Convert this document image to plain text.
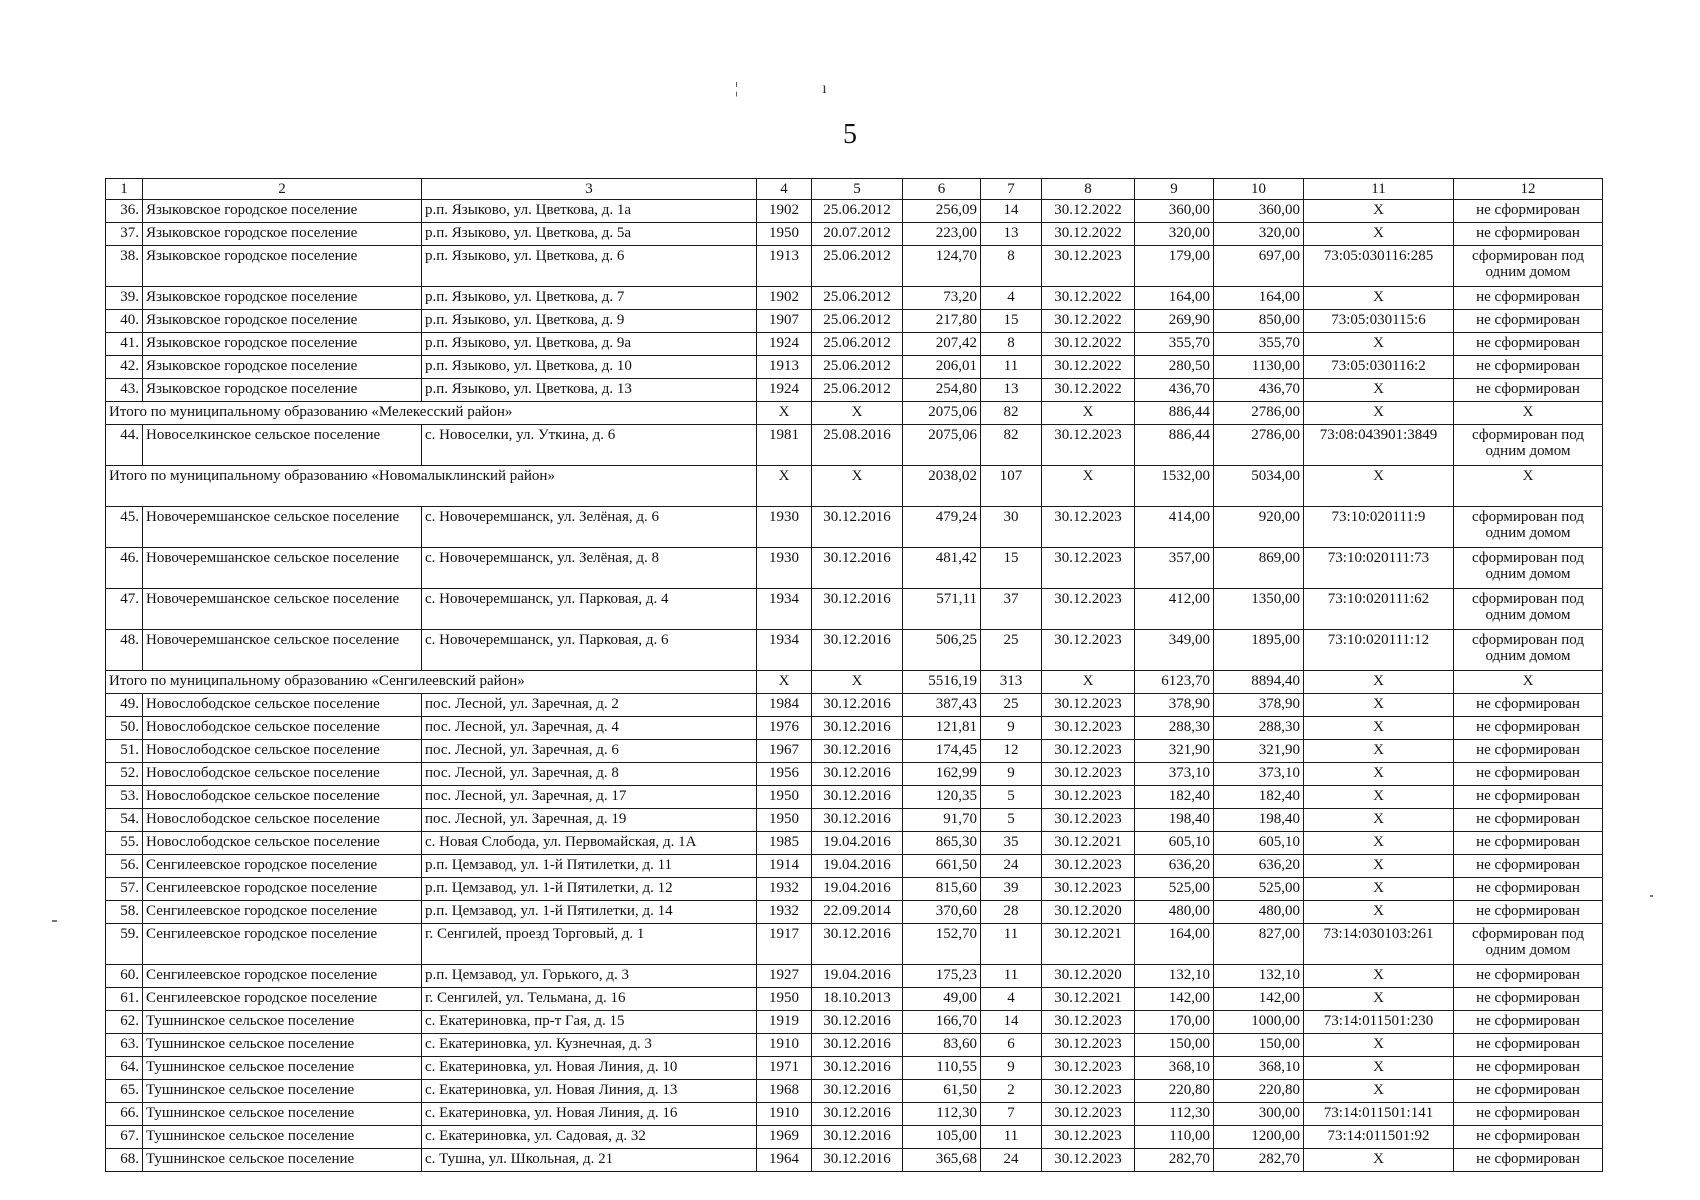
¦ ı
5
1	2	3	4	5	6	7	8	9	10	11	12
36.	Языковское городское поселение	р.п. Языково, ул. Цветкова, д. 1а	1902	25.06.2012	256,09	14	30.12.2022	360,00	360,00	Х	не сформирован
37.	Языковское городское поселение	р.п. Языково, ул. Цветкова, д. 5а	1950	20.07.2012	223,00	13	30.12.2022	320,00	320,00	Х	не сформирован
38.	Языковское городское поселение	р.п. Языково, ул. Цветкова, д. 6	1913	25.06.2012	124,70	8	30.12.2023	179,00	697,00	73:05:030116:285	сформирован под одним домом
39.	Языковское городское поселение	р.п. Языково, ул. Цветкова, д. 7	1902	25.06.2012	73,20	4	30.12.2022	164,00	164,00	Х	не сформирован
40.	Языковское городское поселение	р.п. Языково, ул. Цветкова, д. 9	1907	25.06.2012	217,80	15	30.12.2022	269,90	850,00	73:05:030115:6	не сформирован
41.	Языковское городское поселение	р.п. Языково, ул. Цветкова, д. 9а	1924	25.06.2012	207,42	8	30.12.2022	355,70	355,70	Х	не сформирован
42.	Языковское городское поселение	р.п. Языково, ул. Цветкова, д. 10	1913	25.06.2012	206,01	11	30.12.2022	280,50	1130,00	73:05:030116:2	не сформирован
43.	Языковское городское поселение	р.п. Языково, ул. Цветкова, д. 13	1924	25.06.2012	254,80	13	30.12.2022	436,70	436,70	Х	не сформирован
Итого по муниципальному образованию «Мелекесский район»			Х	Х	2075,06	82	Х	886,44	2786,00	Х	Х
44.	Новоселкинское сельское поселение	с. Новоселки, ул. Уткина, д. 6	1981	25.08.2016	2075,06	82	30.12.2023	886,44	2786,00	73:08:043901:3849	сформирован под одним домом
Итого по муниципальному образованию «Новомалыклинский район»			Х	Х	2038,02	107	Х	1532,00	5034,00	Х	Х
45.	Новочеремшанское сельское поселение	с. Новочеремшанск, ул. Зелёная, д. 6	1930	30.12.2016	479,24	30	30.12.2023	414,00	920,00	73:10:020111:9	сформирован под одним домом
46.	Новочеремшанское сельское поселение	с. Новочеремшанск, ул. Зелёная, д. 8	1930	30.12.2016	481,42	15	30.12.2023	357,00	869,00	73:10:020111:73	сформирован под одним домом
47.	Новочеремшанское сельское поселение	с. Новочеремшанск, ул. Парковая, д. 4	1934	30.12.2016	571,11	37	30.12.2023	412,00	1350,00	73:10:020111:62	сформирован под одним домом
48.	Новочеремшанское сельское поселение	с. Новочеремшанск, ул. Парковая, д. 6	1934	30.12.2016	506,25	25	30.12.2023	349,00	1895,00	73:10:020111:12	сформирован под одним домом
Итого по муниципальному образованию «Сенгилеевский район»			Х	Х	5516,19	313	Х	6123,70	8894,40	Х	Х
49.	Новослободское сельское поселение	пос. Лесной, ул. Заречная, д. 2	1984	30.12.2016	387,43	25	30.12.2023	378,90	378,90	Х	не сформирован
50.	Новослободское сельское поселение	пос. Лесной, ул. Заречная, д. 4	1976	30.12.2016	121,81	9	30.12.2023	288,30	288,30	Х	не сформирован
51.	Новослободское сельское поселение	пос. Лесной, ул. Заречная, д. 6	1967	30.12.2016	174,45	12	30.12.2023	321,90	321,90	Х	не сформирован
52.	Новослободское сельское поселение	пос. Лесной, ул. Заречная, д. 8	1956	30.12.2016	162,99	9	30.12.2023	373,10	373,10	Х	не сформирован
53.	Новослободское сельское поселение	пос. Лесной, ул. Заречная, д. 17	1950	30.12.2016	120,35	5	30.12.2023	182,40	182,40	Х	не сформирован
54.	Новослободское сельское поселение	пос. Лесной, ул. Заречная, д. 19	1950	30.12.2016	91,70	5	30.12.2023	198,40	198,40	Х	не сформирован
55.	Новослободское сельское поселение	с. Новая Слобода, ул. Первомайская, д. 1А	1985	19.04.2016	865,30	35	30.12.2021	605,10	605,10	Х	не сформирован
56.	Сенгилеевское городское поселение	р.п. Цемзавод, ул. 1-й Пятилетки, д. 11	1914	19.04.2016	661,50	24	30.12.2023	636,20	636,20	Х	не сформирован
57.	Сенгилеевское городское поселение	р.п. Цемзавод, ул. 1-й Пятилетки, д. 12	1932	19.04.2016	815,60	39	30.12.2023	525,00	525,00	Х	не сформирован
58.	Сенгилеевское городское поселение	р.п. Цемзавод, ул. 1-й Пятилетки, д. 14	1932	22.09.2014	370,60	28	30.12.2020	480,00	480,00	Х	не сформирован
59.	Сенгилеевское городское поселение	г. Сенгилей, проезд Торговый, д. 1	1917	30.12.2016	152,70	11	30.12.2021	164,00	827,00	73:14:030103:261	сформирован под одним домом
60.	Сенгилеевское городское поселение	р.п. Цемзавод, ул. Горького, д. 3	1927	19.04.2016	175,23	11	30.12.2020	132,10	132,10	Х	не сформирован
61.	Сенгилеевское городское поселение	г. Сенгилей, ул. Тельмана, д. 16	1950	18.10.2013	49,00	4	30.12.2021	142,00	142,00	Х	не сформирован
62.	Тушнинское сельское поселение	с. Екатериновка, пр-т Гая, д. 15	1919	30.12.2016	166,70	14	30.12.2023	170,00	1000,00	73:14:011501:230	не сформирован
63.	Тушнинское сельское поселение	с. Екатериновка, ул. Кузнечная, д. 3	1910	30.12.2016	83,60	6	30.12.2023	150,00	150,00	Х	не сформирован
64.	Тушнинское сельское поселение	с. Екатериновка, ул. Новая Линия, д. 10	1971	30.12.2016	110,55	9	30.12.2023	368,10	368,10	Х	не сформирован
65.	Тушнинское сельское поселение	с. Екатериновка, ул. Новая Линия, д. 13	1968	30.12.2016	61,50	2	30.12.2023	220,80	220,80	Х	не сформирован
66.	Тушнинское сельское поселение	с. Екатериновка, ул. Новая Линия, д. 16	1910	30.12.2016	112,30	7	30.12.2023	112,30	300,00	73:14:011501:141	не сформирован
67.	Тушнинское сельское поселение	с. Екатериновка, ул. Садовая, д. 32	1969	30.12.2016	105,00	11	30.12.2023	110,00	1200,00	73:14:011501:92	не сформирован
68.	Тушнинское сельское поселение	с. Тушна, ул. Школьная, д. 21	1964	30.12.2016	365,68	24	30.12.2023	282,70	282,70	Х	не сформирован
